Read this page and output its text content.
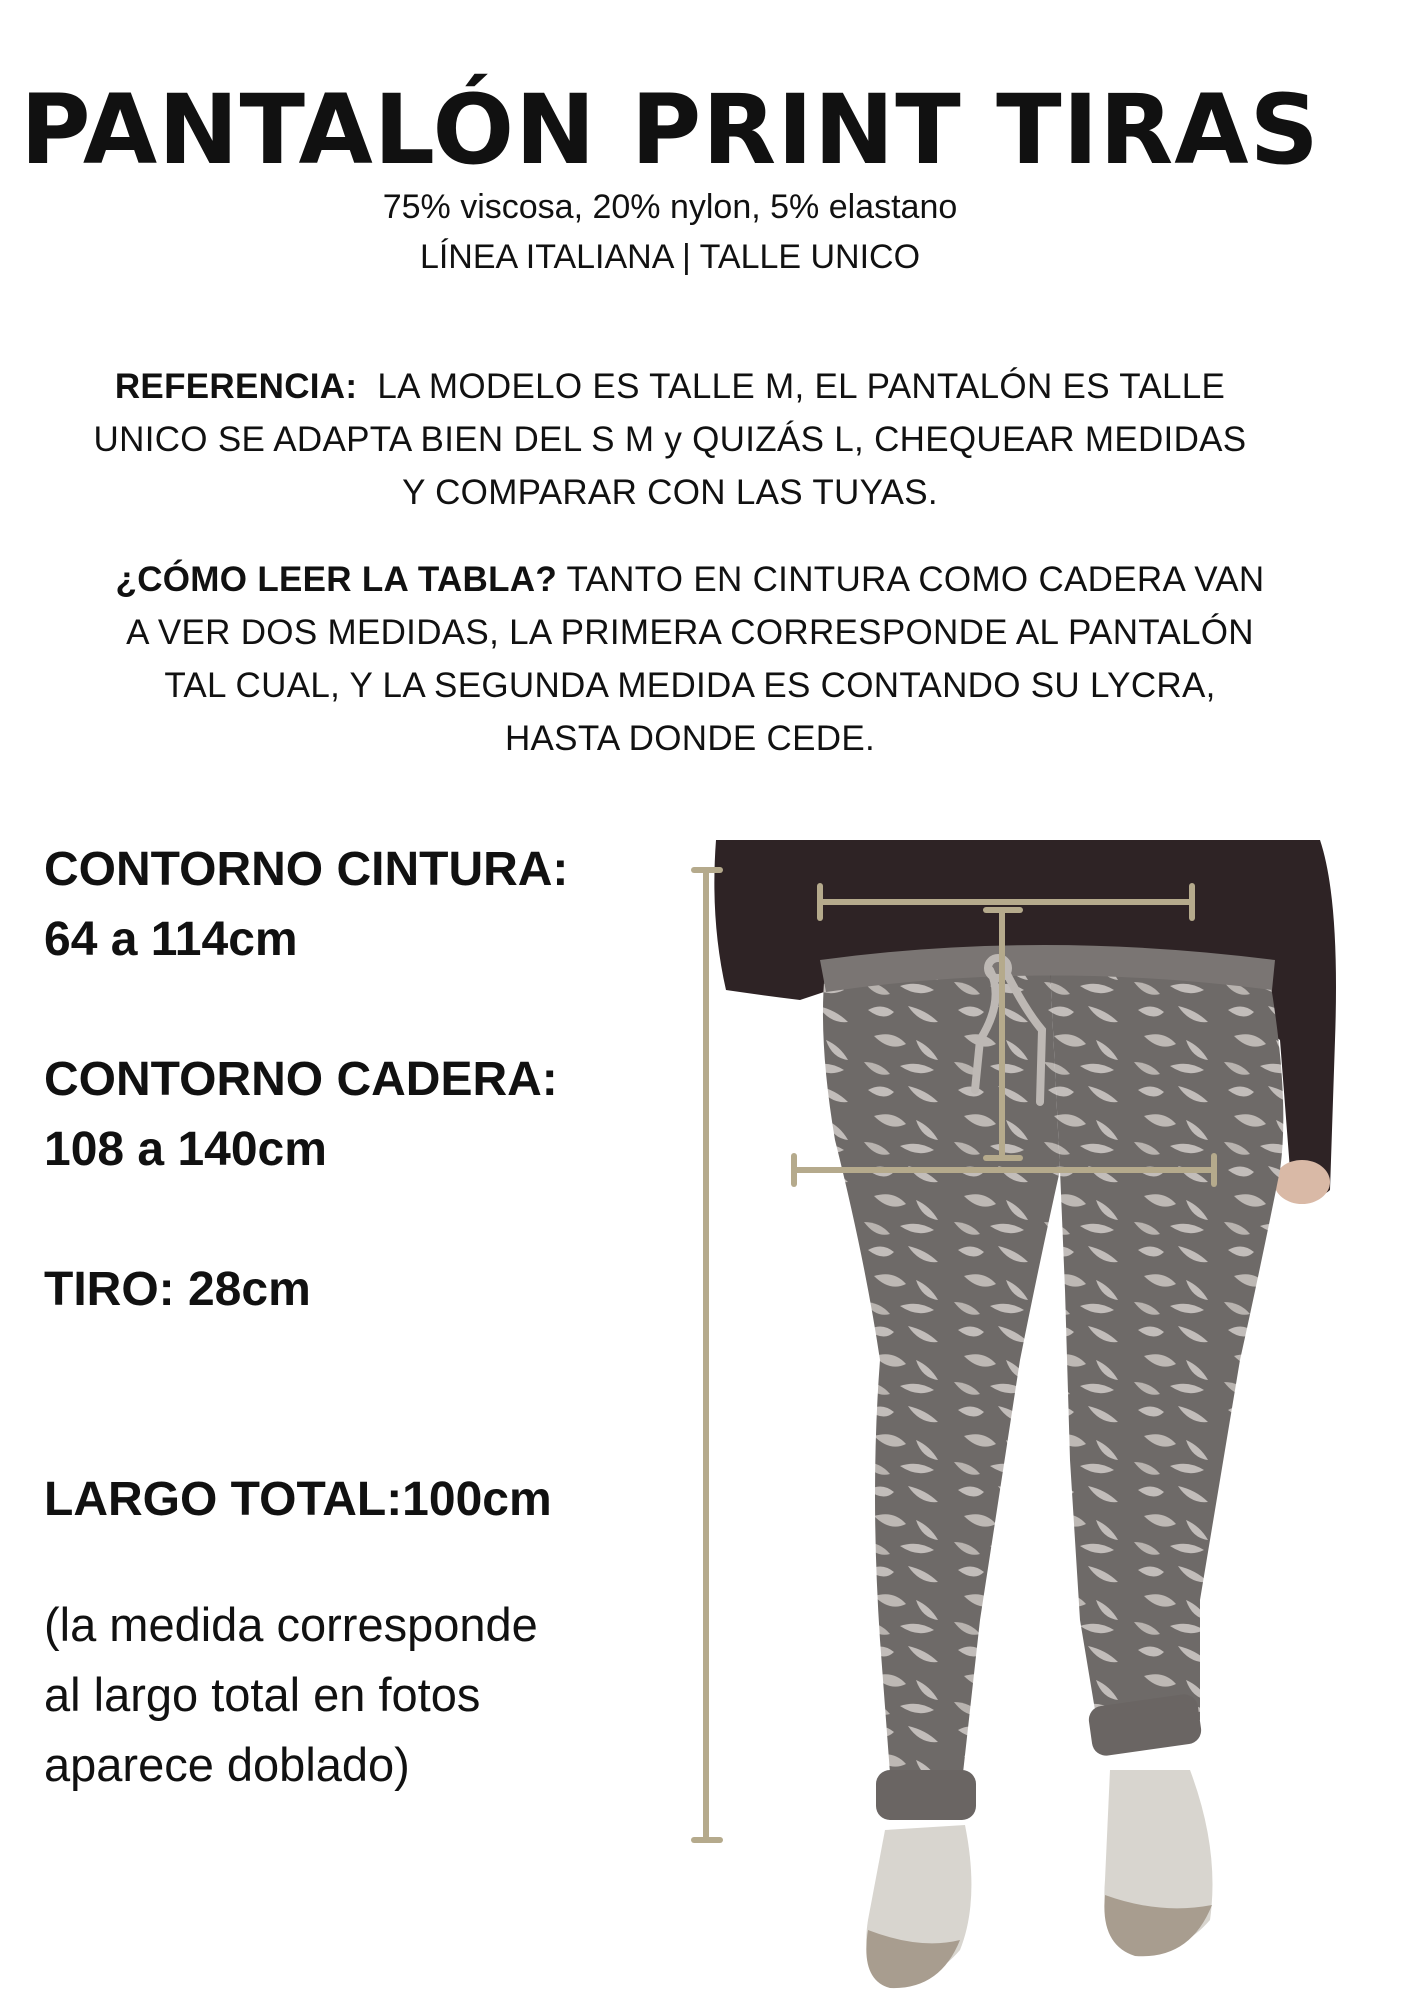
PANTALÓN PRINT TIRAS
75% viscosa, 20% nylon, 5% elastano
LÍNEA ITALIANA | TALLE UNICO
REFERENCIA: LA MODELO ES TALLE M, EL PANTALÓN ES TALLE
UNICO SE ADAPTA BIEN DEL S M y QUIZÁS L, CHEQUEAR MEDIDAS
Y COMPARAR CON LAS TUYAS.
¿CÓMO LEER LA TABLA? TANTO EN CINTURA COMO CADERA VAN
A VER DOS MEDIDAS, LA PRIMERA CORRESPONDE AL PANTALÓN
TAL CUAL, Y LA SEGUNDA MEDIDA ES CONTANDO SU LYCRA,
HASTA DONDE CEDE.
CONTORNO CINTURA:
64 a 114cm
CONTORNO CADERA:
108 a 140cm
TIRO: 28cm
LARGO TOTAL:100cm
(la medida corresponde
al largo total en fotos
aparece doblado)
